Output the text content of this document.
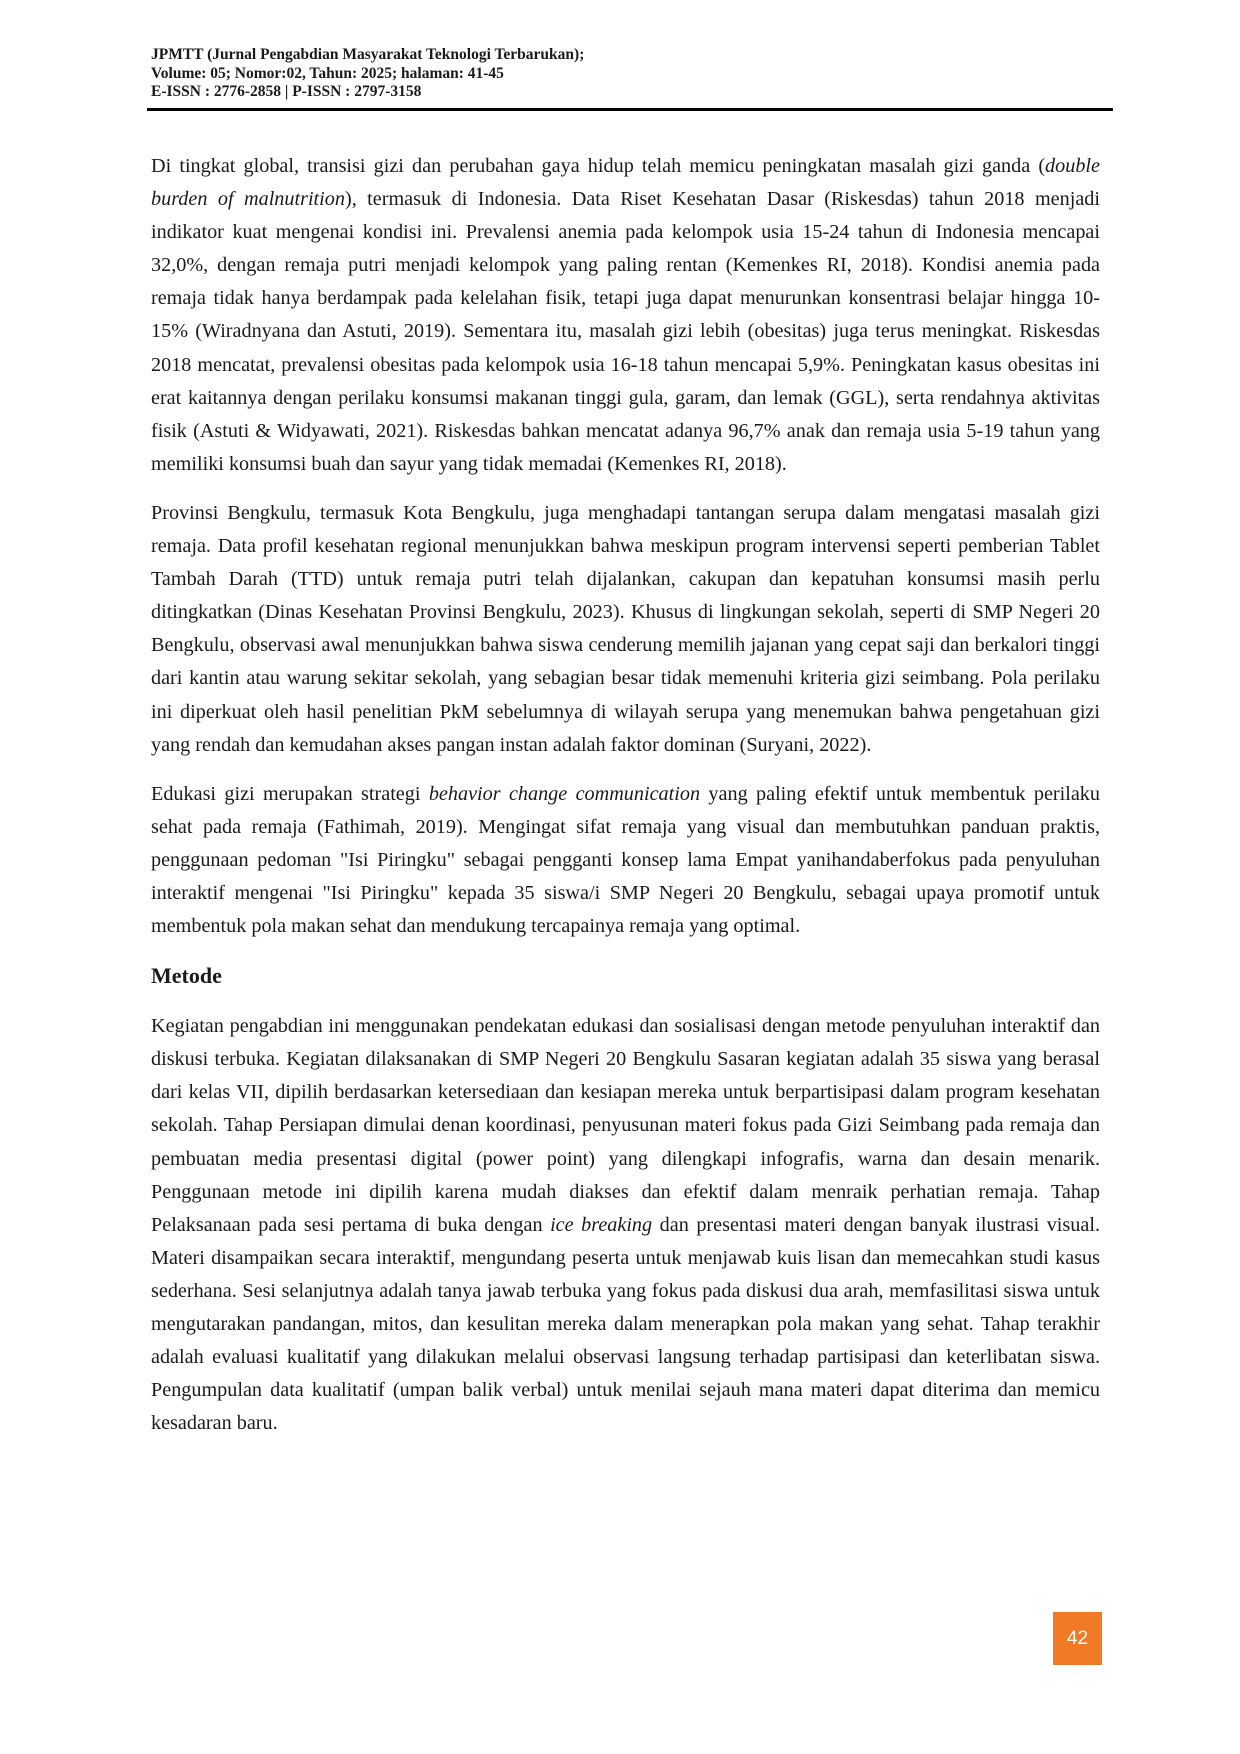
JPMTT (Jurnal Pengabdian Masyarakat Teknologi Terbarukan);
Volume: 05; Nomor:02, Tahun: 2025; halaman: 41-45
E-ISSN : 2776-2858 | P-ISSN : 2797-3158

Di tingkat global, transisi gizi dan perubahan gaya hidup telah memicu peningkatan masalah gizi ganda (double burden of malnutrition), termasuk di Indonesia. Data Riset Kesehatan Dasar (Riskesdas) tahun 2018 menjadi indikator kuat mengenai kondisi ini. Prevalensi anemia pada kelompok usia 15-24 tahun di Indonesia mencapai 32,0%, dengan remaja putri menjadi kelompok yang paling rentan (Kemenkes RI, 2018). Kondisi anemia pada remaja tidak hanya berdampak pada kelelahan fisik, tetapi juga dapat menurunkan konsentrasi belajar hingga 10-15% (Wiradnyana dan Astuti, 2019). Sementara itu, masalah gizi lebih (obesitas) juga terus meningkat. Riskesdas 2018 mencatat, prevalensi obesitas pada kelompok usia 16-18 tahun mencapai 5,9%. Peningkatan kasus obesitas ini erat kaitannya dengan perilaku konsumsi makanan tinggi gula, garam, dan lemak (GGL), serta rendahnya aktivitas fisik (Astuti & Widyawati, 2021). Riskesdas bahkan mencatat adanya 96,7% anak dan remaja usia 5-19 tahun yang memiliki konsumsi buah dan sayur yang tidak memadai (Kemenkes RI, 2018).

Provinsi Bengkulu, termasuk Kota Bengkulu, juga menghadapi tantangan serupa dalam mengatasi masalah gizi remaja. Data profil kesehatan regional menunjukkan bahwa meskipun program intervensi seperti pemberian Tablet Tambah Darah (TTD) untuk remaja putri telah dijalankan, cakupan dan kepatuhan konsumsi masih perlu ditingkatkan (Dinas Kesehatan Provinsi Bengkulu, 2023). Khusus di lingkungan sekolah, seperti di SMP Negeri 20 Bengkulu, observasi awal menunjukkan bahwa siswa cenderung memilih jajanan yang cepat saji dan berkalori tinggi dari kantin atau warung sekitar sekolah, yang sebagian besar tidak memenuhi kriteria gizi seimbang. Pola perilaku ini diperkuat oleh hasil penelitian PkM sebelumnya di wilayah serupa yang menemukan bahwa pengetahuan gizi yang rendah dan kemudahan akses pangan instan adalah faktor dominan (Suryani, 2022).

Edukasi gizi merupakan strategi behavior change communication yang paling efektif untuk membentuk perilaku sehat pada remaja (Fathimah, 2019). Mengingat sifat remaja yang visual dan membutuhkan panduan praktis, penggunaan pedoman "Isi Piringku" sebagai pengganti konsep lama Empat yanihandaberfokus pada penyuluhan interaktif mengenai "Isi Piringku" kepada 35 siswa/i SMP Negeri 20 Bengkulu, sebagai upaya promotif untuk membentuk pola makan sehat dan mendukung tercapainya remaja yang optimal.

Metode

Kegiatan pengabdian ini menggunakan pendekatan edukasi dan sosialisasi dengan metode penyuluhan interaktif dan diskusi terbuka. Kegiatan dilaksanakan di SMP Negeri 20 Bengkulu Sasaran kegiatan adalah 35 siswa yang berasal dari kelas VII, dipilih berdasarkan ketersediaan dan kesiapan mereka untuk berpartisipasi dalam program kesehatan sekolah. Tahap Persiapan dimulai denan koordinasi, penyusunan materi fokus pada Gizi Seimbang pada remaja dan pembuatan media presentasi digital (power point) yang dilengkapi infografis, warna dan desain menarik. Penggunaan metode ini dipilih karena mudah diakses dan efektif dalam menraik perhatian remaja. Tahap Pelaksanaan pada sesi pertama di buka dengan ice breaking dan presentasi materi dengan banyak ilustrasi visual. Materi disampaikan secara interaktif, mengundang peserta untuk menjawab kuis lisan dan memecahkan studi kasus sederhana. Sesi selanjutnya adalah tanya jawab terbuka yang fokus pada diskusi dua arah, memfasilitasi siswa untuk mengutarakan pandangan, mitos, dan kesulitan mereka dalam menerapkan pola makan yang sehat. Tahap terakhir adalah evaluasi kualitatif yang dilakukan melalui observasi langsung terhadap partisipasi dan keterlibatan siswa. Pengumpulan data kualitatif (umpan balik verbal) untuk menilai sejauh mana materi dapat diterima dan memicu kesadaran baru.

42
